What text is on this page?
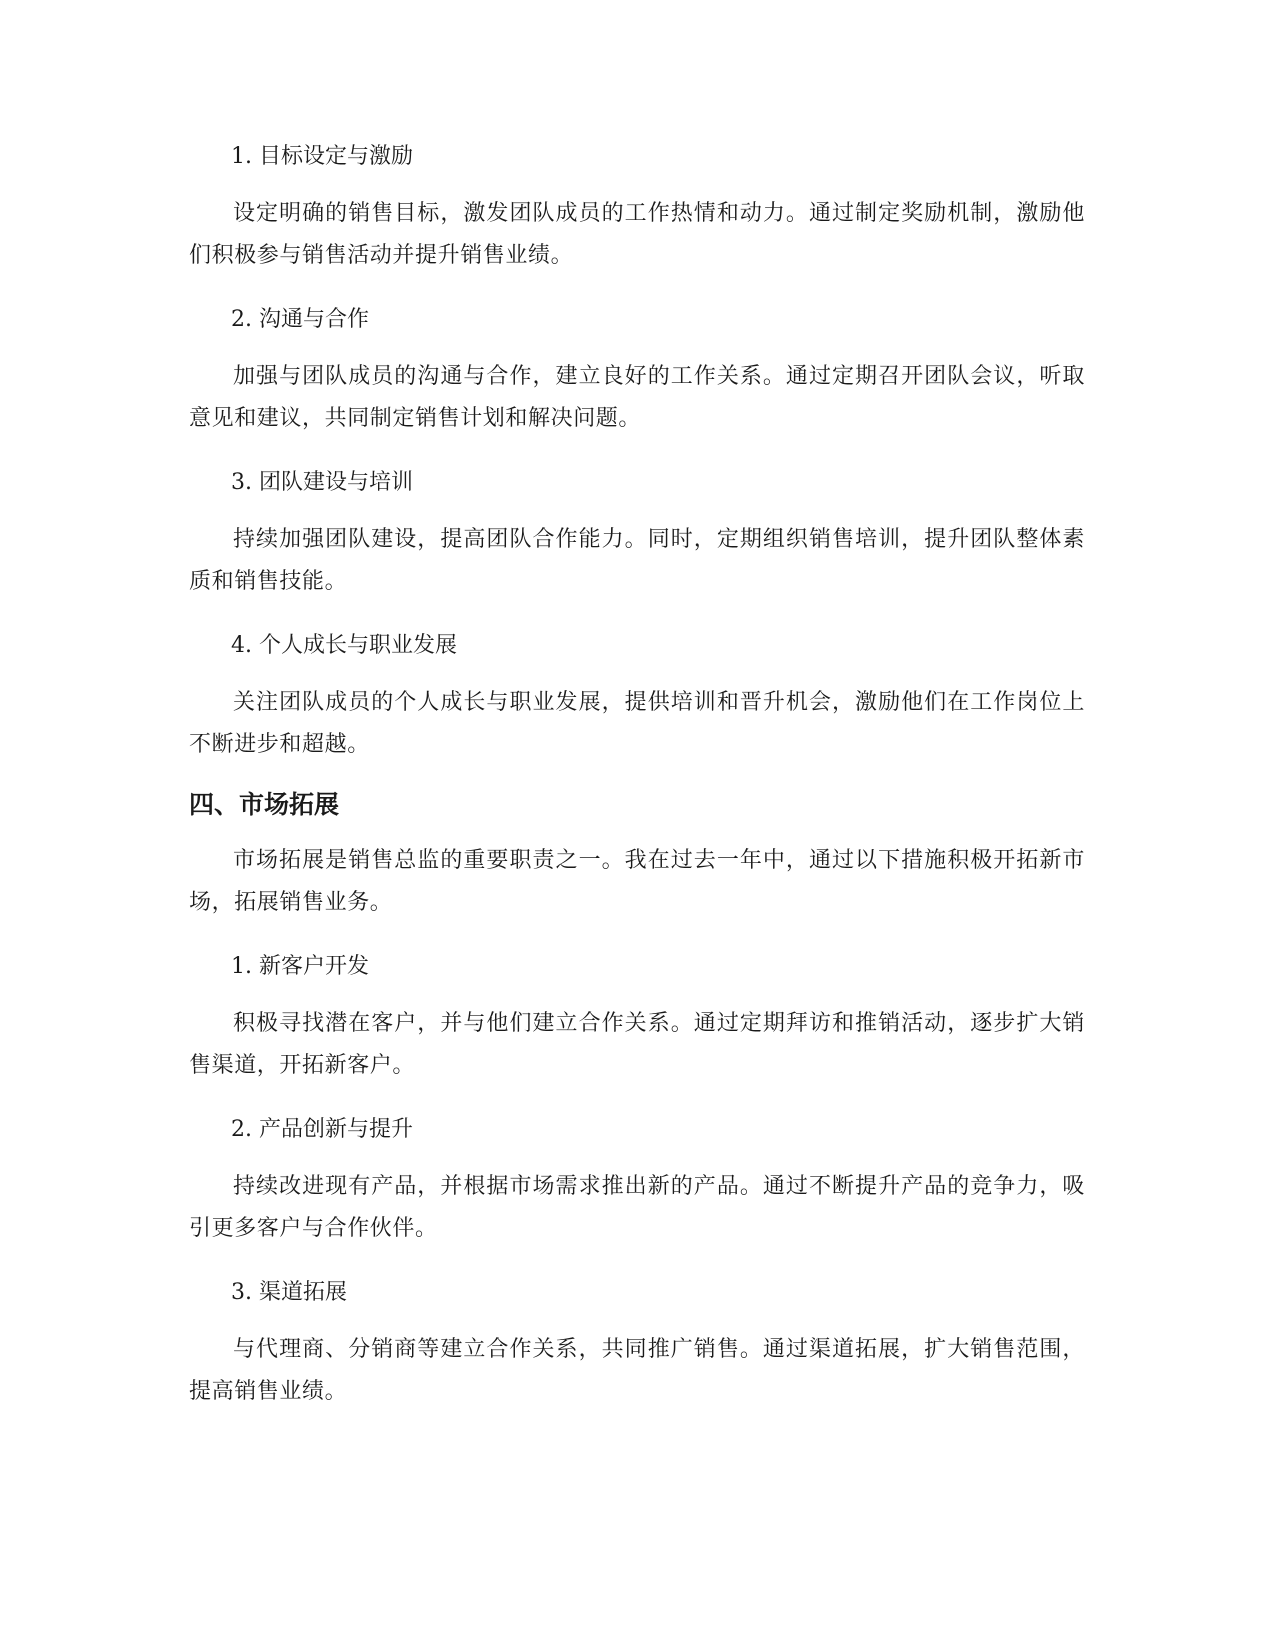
1. 目标设定与激励

设定明确的销售目标，激发团队成员的工作热情和动力。通过制定奖励机制，激励他们积极参与销售活动并提升销售业绩。

2. 沟通与合作

加强与团队成员的沟通与合作，建立良好的工作关系。通过定期召开团队会议，听取意见和建议，共同制定销售计划和解决问题。

3. 团队建设与培训

持续加强团队建设，提高团队合作能力。同时，定期组织销售培训，提升团队整体素质和销售技能。

4. 个人成长与职业发展

关注团队成员的个人成长与职业发展，提供培训和晋升机会，激励他们在工作岗位上不断进步和超越。

四、市场拓展

市场拓展是销售总监的重要职责之一。我在过去一年中，通过以下措施积极开拓新市场，拓展销售业务。

1. 新客户开发

积极寻找潜在客户，并与他们建立合作关系。通过定期拜访和推销活动，逐步扩大销售渠道，开拓新客户。

2. 产品创新与提升

持续改进现有产品，并根据市场需求推出新的产品。通过不断提升产品的竞争力，吸引更多客户与合作伙伴。

3. 渠道拓展

与代理商、分销商等建立合作关系，共同推广销售。通过渠道拓展，扩大销售范围，提高销售业绩。
